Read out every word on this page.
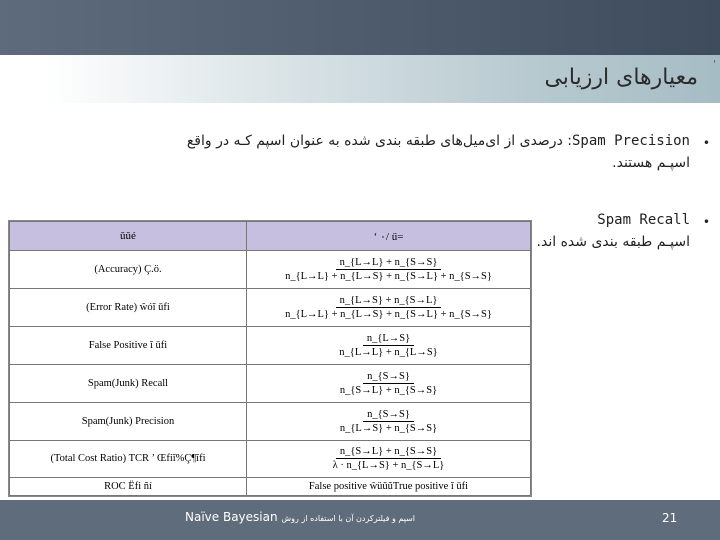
'
معیارهای ارزیابی
•
Spam Precision: درصدی از ای‌میل‌های طبقه بندی شده به عنوان اسپم کـه در واقع
اسپـم هستند.
•
Spam Recall
اسپـم طبقه بندی شده اند.
ŭŭé	‘ ۰/ ű=
(Accuracy) Ç.ö.	$\frac{n\_\{L\to L\} + n\_\{S\to S\}}{n\_\{L\to L\} + n\_\{L\to S\} + n\_\{S\to L\} + n\_\{S\to S\}}$

(Error Rate) ŵóĭ ūfi	$\frac{n\_\{L\to S\} + n\_\{S\to L\}}{n\_\{L\to L\} + n\_\{L\to S\} + n\_\{S\to L\} + n\_\{S\to S\}}$

False Positive ĭ ūfi	$\frac{n\_\{L\to S\}}{n\_\{L\to L\} + n\_\{L\to S\}}$

Spam(Junk) Recall	$\frac{n\_\{S\to S\}}{n\_\{S\to L\} + n\_\{S\to S\}}$

Spam(Junk) Precision	$\frac{n\_\{S\to S\}}{n\_\{L\to S\} + n\_\{S\to S\}}$

(Total Cost Ratio) TCR ’ Œfiĭ%Ç¶ĭfi	$\frac{n\_\{S\to L\} + n\_\{S\to S\}}{\lambda \cdot n\_\{L\to S\} + n\_\{S\to L\}}$

ROC Ëfi ñí	False positive ŵüŭŭTrue positive ĭ ūfi
Naïve Bayesian اسپم و فیلترکردن آن با استفاده از روش	21
